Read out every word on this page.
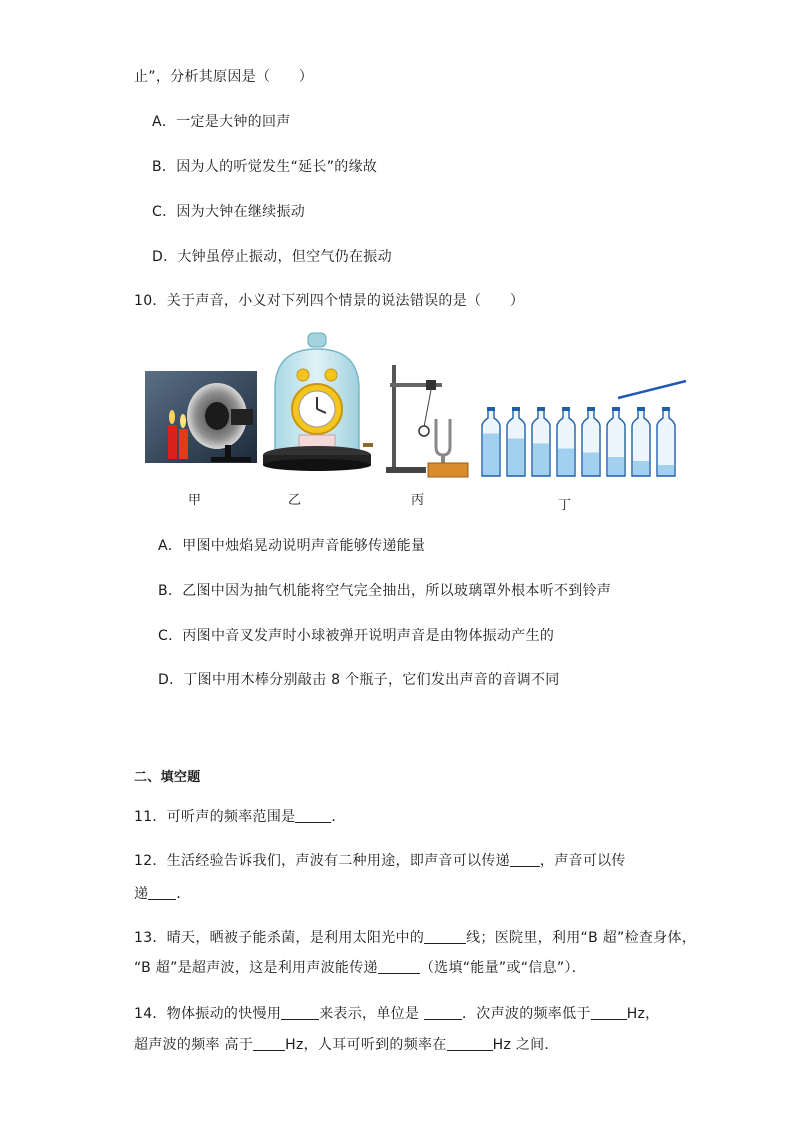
止”，分析其原因是（　　）
A．一定是大钟的回声
B．因为人的听觉发生“延长”的缘故
C．因为大钟在继续振动
D．大钟虽停止振动，但空气仍在振动
10．关于声音，小义对下列四个情景的说法错误的是（　　）
甲	乙	丙	丁
A．甲图中烛焰晃动说明声音能够传递能量
B．乙图中因为抽气机能将空气完全抽出，所以玻璃罩外根本听不到铃声
C．丙图中音叉发声时小球被弹开说明声音是由物体振动产生的
D．丁图中用木棒分别敲击 8 个瓶子，它们发出声音的音调不同
二、填空题
11．可听声的频率范围是	．
12．生活经验告诉我们，声波有二种用途，即声音可以传递 ，声音可以传
递 ．
13．晴天，晒被子能杀菌，是利用太阳光中的	线；医院里，利用“B 超”检查身体，
“B 超”是超声波，这是利用声波能传递	（选填“能量”或“信息”）．
14．物体振动的快慢用	来表示，单位是	．次声波的频率低于	Hz，
超声波的频率 高于 Hz，人耳可听到的频率在	Hz 之间．
